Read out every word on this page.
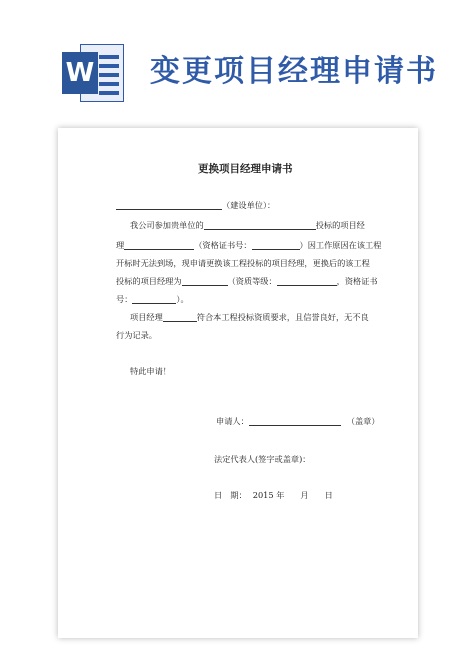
W 变更项目经理申请书
更换项目经理申请书
（建设单位）：
我公司参加贵单位的	投标的项目经
理	（资格证书号：	）因工作原因在该工程
开标时无法到场，现申请更换该工程投标的项目经理，更换后的该工程
投标的项目经理为	（资质等级：	，资格证书
号：	）。
项目经理	符合本工程投标资质要求，且信誉良好，无不良
行为记录。
特此申请！
申请人：	（盖章）
法定代表人(签字或盖章)：
日　期： 2015 年 月 日
